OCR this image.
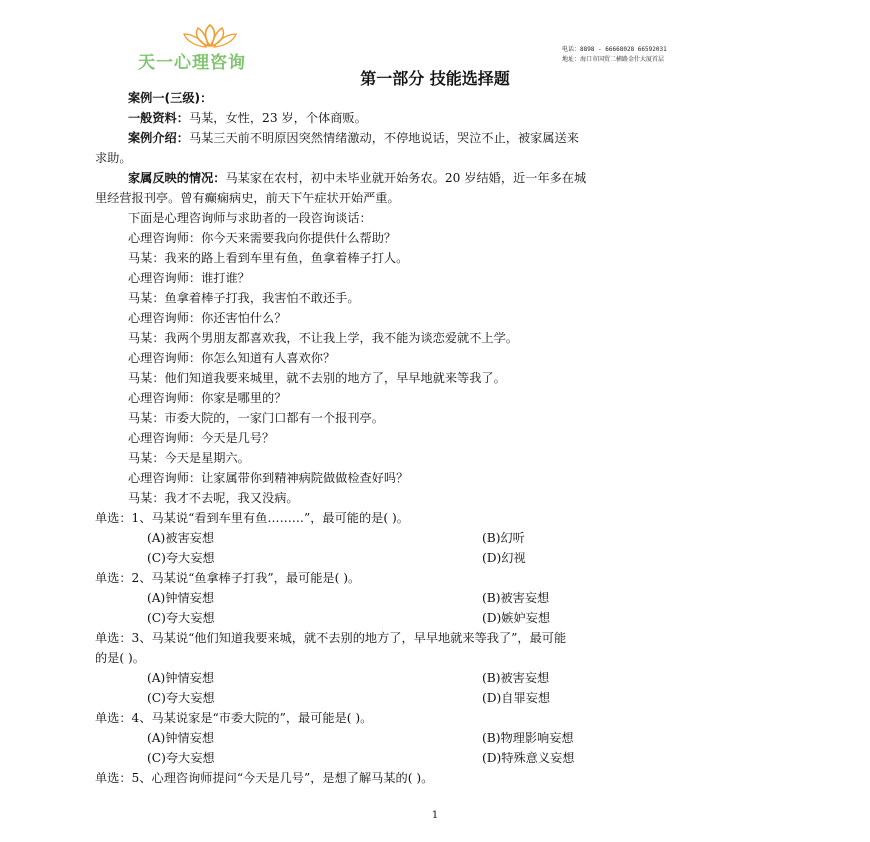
天一心理咨询
电话：8898 - 66668028 66592031
地址：海口市国贸二横路金什大厦首层
第一部分 技能选择题
案例一(三级)：
一般资料：马某，女性，23 岁，个体商贩。
案例介绍：马某三天前不明原因突然情绪激动，不停地说话，哭泣不止，被家属送来
求助。
家属反映的情况：马某家在农村，初中未毕业就开始务农。20 岁结婚，近一年多在城
里经营报刊亭。曾有癫痫病史，前天下午症状开始严重。
下面是心理咨询师与求助者的一段咨询谈话：
心理咨询师：你今天来需要我向你提供什么帮助？
马某：我来的路上看到车里有鱼，鱼拿着棒子打人。
心理咨询师：谁打谁？
马某：鱼拿着棒子打我，我害怕不敢还手。
心理咨询师：你还害怕什么？
马某：我两个男朋友都喜欢我，不让我上学，我不能为谈恋爱就不上学。
心理咨询师：你怎么知道有人喜欢你？
马某：他们知道我要来城里，就不去别的地方了，早早地就来等我了。
心理咨询师：你家是哪里的？
马某：市委大院的，一家门口都有一个报刊亭。
心理咨询师：今天是几号？
马某：今天是星期六。
心理咨询师：让家属带你到精神病院做做检查好吗？
马某：我才不去呢，我又没病。
单选：1、马某说“看到车里有鱼………”，最可能的是( )。
(A)被害妄想	(B)幻听
(C)夸大妄想	(D)幻视
单选：2、马某说“鱼拿棒子打我”，最可能是( )。
(A)钟情妄想	(B)被害妄想
(C)夸大妄想	(D)嫉妒妄想
单选：3、马某说“他们知道我要来城，就不去别的地方了，早早地就来等我了”，最可能
的是( )。
(A)钟情妄想	(B)被害妄想
(C)夸大妄想	(D)自罪妄想
单选：4、马某说家是“市委大院的”，最可能是( )。
(A)钟情妄想	(B)物理影响妄想
(C)夸大妄想	(D)特殊意义妄想
单选：5、心理咨询师提问“今天是几号”，是想了解马某的( )。
1
